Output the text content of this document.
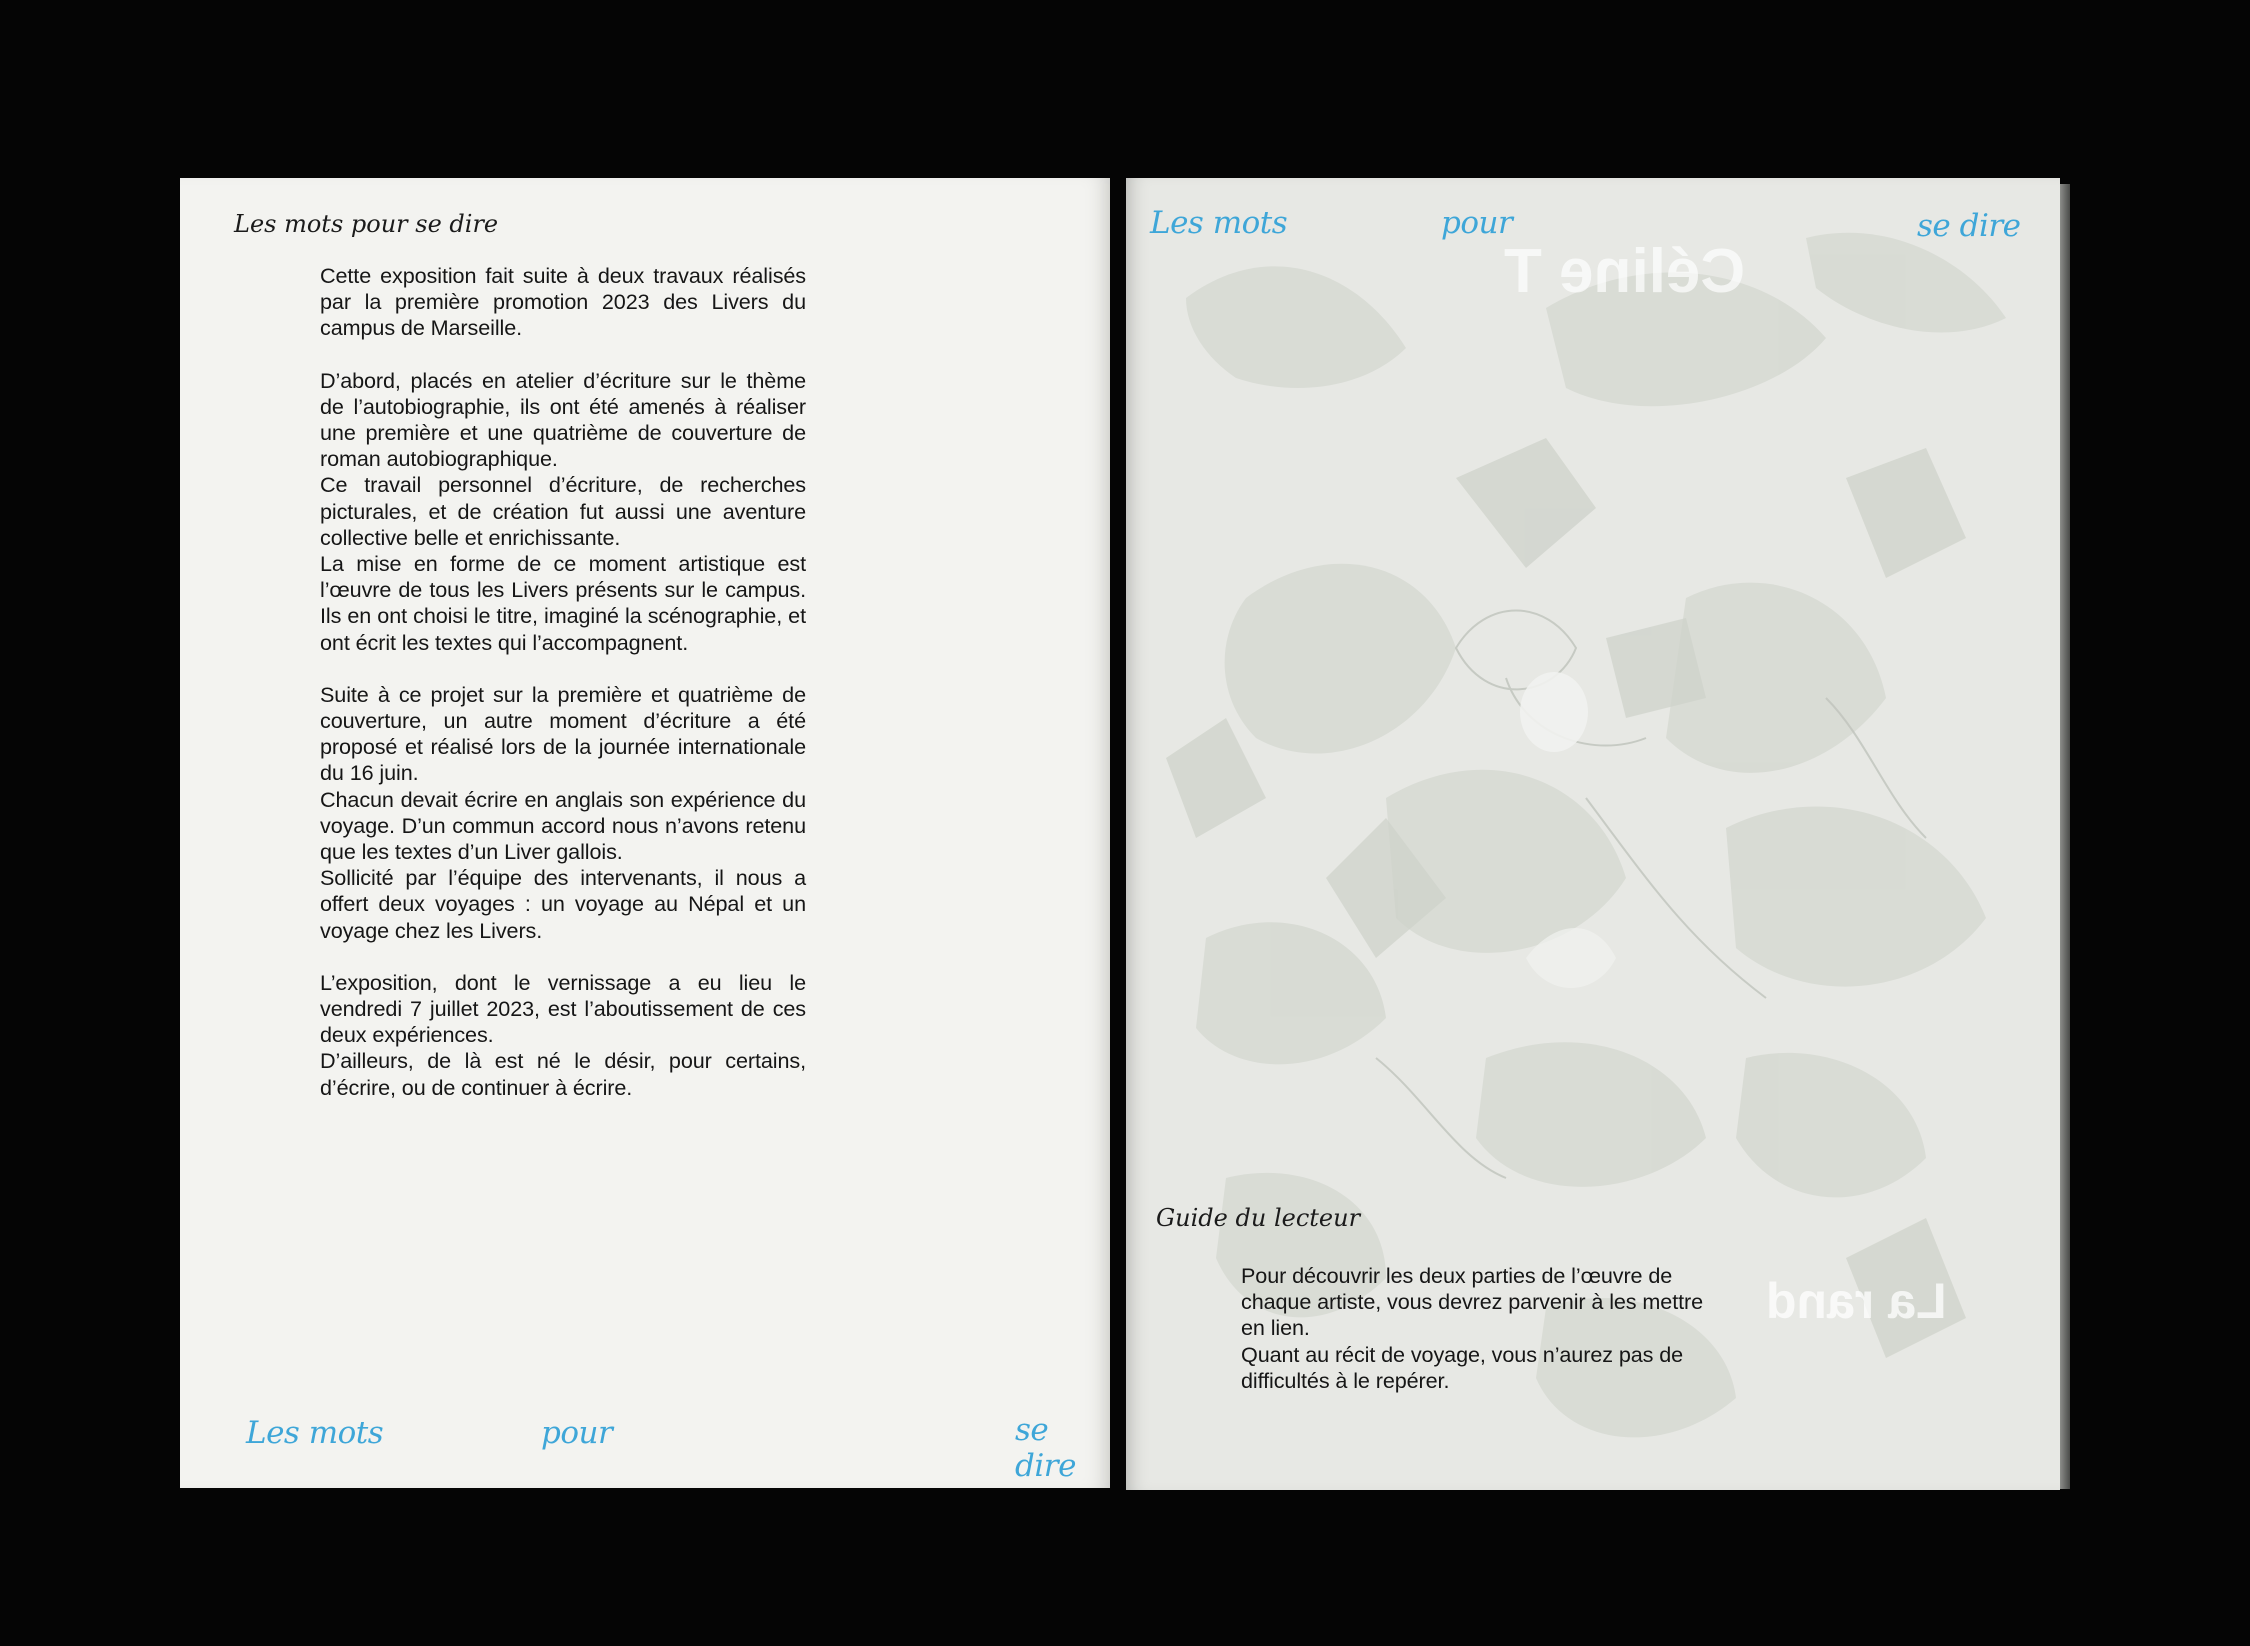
Les mots pour se dire

Cette exposition fait suite à deux travaux réalisés par la première promotion 2023 des Livers du campus de Marseille.

D’abord, placés en atelier d’écriture sur le thème de l’autobiographie, ils ont été amenés à réaliser une première et une quatrième de couverture de roman autobiographique.

Ce travail personnel d’écriture, de recherches picturales, et de création fut aussi une aventure collective belle et enrichissante.

La mise en forme de ce moment artistique est l’œuvre de tous les Livers présents sur le campus. Ils en ont choisi le titre, imaginé la scénographie, et ont écrit les textes qui l’accompagnent.

Suite à ce projet sur la première et quatrième de couverture, un autre moment d’écriture a été proposé et réalisé lors de la journée internationale du 16 juin.

Chacun devait écrire en anglais son expérience du voyage. D’un commun accord nous n’avons retenu que les textes d’un Liver gallois.

Sollicité par l’équipe des intervenants, il nous a offert deux voyages : un voyage au Népal et un voyage chez les Livers.

L’exposition, dont le vernissage a eu lieu le vendredi 7 juillet 2023, est l’aboutissement de ces deux expériences.

D’ailleurs, de là est né le désir, pour certains, d’écrire, ou de continuer à écrire.

Les mots	pour	se dire
Céline T
La rand
Les mots	pour	se dire
Guide du lecteur

Pour découvrir les deux parties de l’œuvre de chaque artiste, vous devrez parvenir à les mettre en lien.

Quant au récit de voyage, vous n’aurez pas de difficultés à le repérer.
